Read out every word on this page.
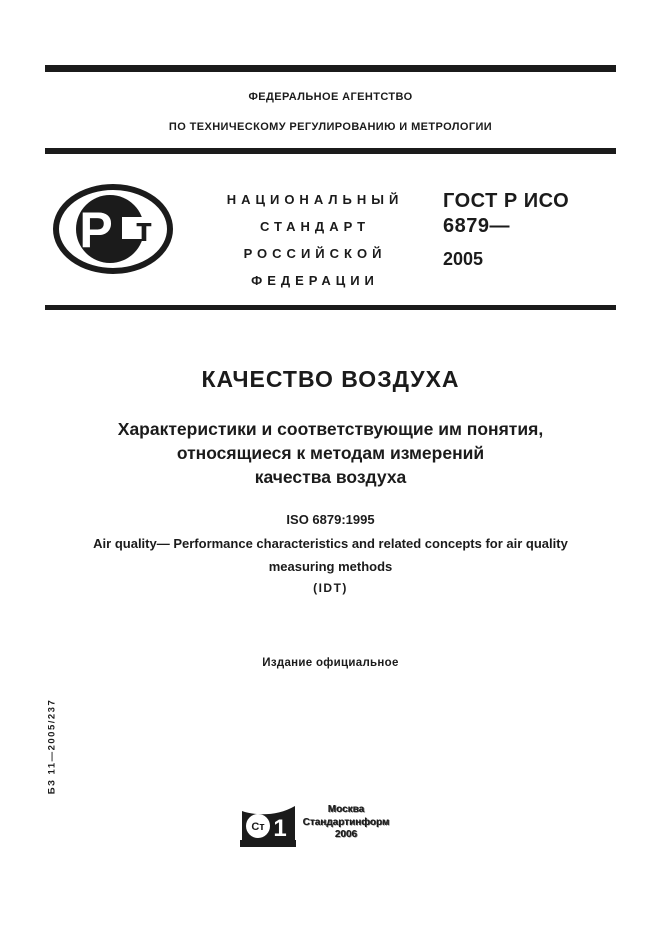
ФЕДЕРАЛЬНОЕ АГЕНТСТВО
ПО ТЕХНИЧЕСКОМУ РЕГУЛИРОВАНИЮ И МЕТРОЛОГИИ
Р т
НАЦИОНАЛЬНЫЙ
СТАНДАРТ
РОССИЙСКОЙ
ФЕДЕРАЦИИ
ГОСТ Р ИСО
6879—
2005
КАЧЕСТВО ВОЗДУХА
Характеристики и соответствующие им понятия,
относящиеся к методам измерений
качества воздуха
ISO 6879:1995
Air quality— Performance characteristics and related concepts for air quality
measuring methods
(IDT)
Издание официальное
БЗ 11—2005/237
Ст 1
Москва
Стандартинформ
2006
